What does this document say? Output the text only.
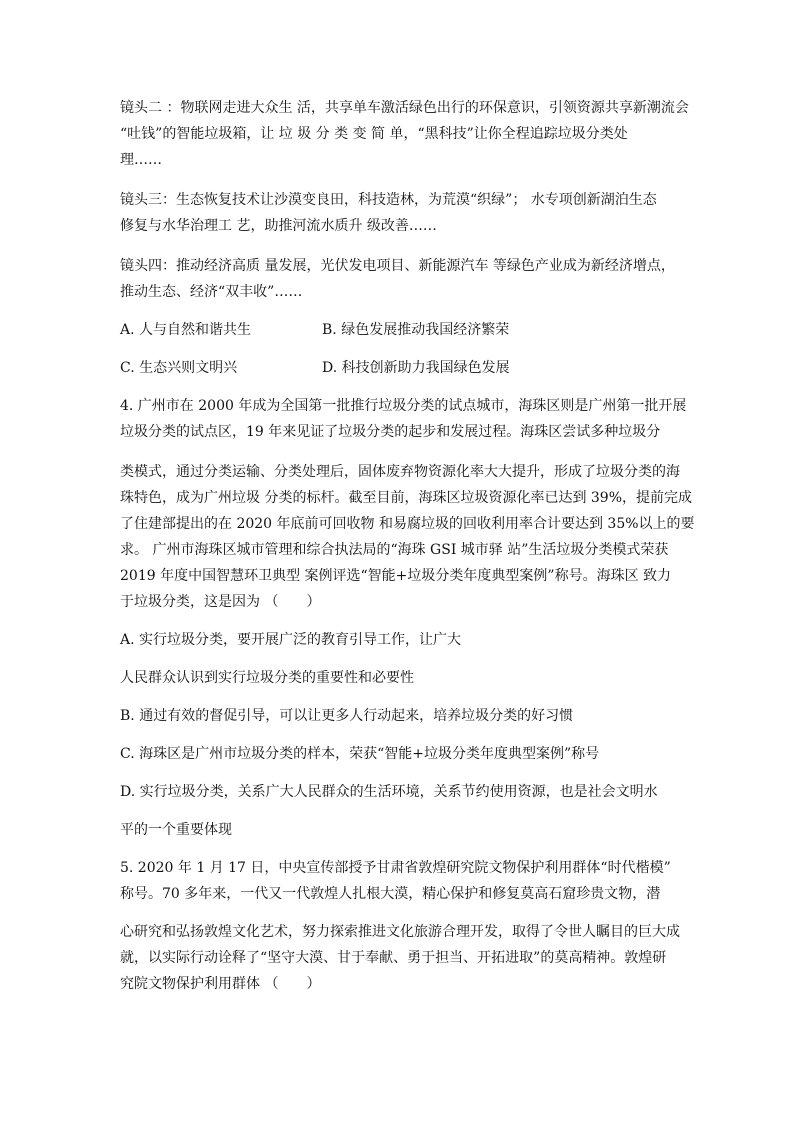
镜头二 ：物联网走进大众生 活，共享单车激活绿色出行的环保意识，引领资源共享新潮流会
“吐钱”的智能垃圾箱，让 垃 圾 分 类 变 简 单，“黑科技”让你全程追踪垃圾分类处
理……
镜头三：生态恢复技术让沙漠变良田，科技造林，为荒漠“织绿”； 水专项创新湖泊生态
修复与水华治理工 艺，助推河流水质升 级改善……
镜头四：推动经济高质 量发展，光伏发电项目、新能源汽车 等绿色产业成为新经济增点，
推动生态、经济“双丰收”……
A. 人与自然和谐共生	B. 绿色发展推动我国经济繁荣
C. 生态兴则文明兴	D. 科技创新助力我国绿色发展
4. 广州市在 2000 年成为全国第一批推行垃圾分类的试点城市，海珠区则是广州第一批开展
垃圾分类的试点区，19 年来见证了垃圾分类的起步和发展过程。海珠区尝试多种垃圾分
类模式，通过分类运输、分类处理后，固体废弃物资源化率大大提升，形成了垃圾分类的海
珠特色，成为广州垃圾 分类的标杆。截至目前，海珠区垃圾资源化率已达到 39%，提前完成
了住建部提出的在 2020 年底前可回收物 和易腐垃圾的回收利用率合计要达到 35%以上的要
求。 广州市海珠区城市管理和综合执法局的“海珠 GSI 城市驿 站”生活垃圾分类模式荣获
2019 年度中国智慧环卫典型 案例评选“智能+垃圾分类年度典型案例”称号。海珠区 致力
于垃圾分类，这是因为 （　　）
A. 实行垃圾分类，要开展广泛的教育引导工作，让广大
人民群众认识到实行垃圾分类的重要性和必要性
B. 通过有效的督促引导，可以让更多人行动起来，培养垃圾分类的好习惯
C. 海珠区是广州市垃圾分类的样本，荣获“智能+垃圾分类年度典型案例”称号
D. 实行垃圾分类，关系广大人民群众的生活环境，关系节约使用资源，也是社会文明水
平的一个重要体现
5. 2020 年 1 月 17 日，中央宣传部授予甘肃省敦煌研究院文物保护利用群体“时代楷模”
称号。70 多年来，一代又一代敦煌人扎根大漠，精心保护和修复莫高石窟珍贵文物，潜
心研究和弘扬敦煌文化艺术，努力探索推进文化旅游合理开发，取得了令世人瞩目的巨大成
就，以实际行动诠释了“坚守大漠、甘于奉献、勇于担当、开拓进取”的莫高精神。敦煌研
究院文物保护利用群体 （　　）
